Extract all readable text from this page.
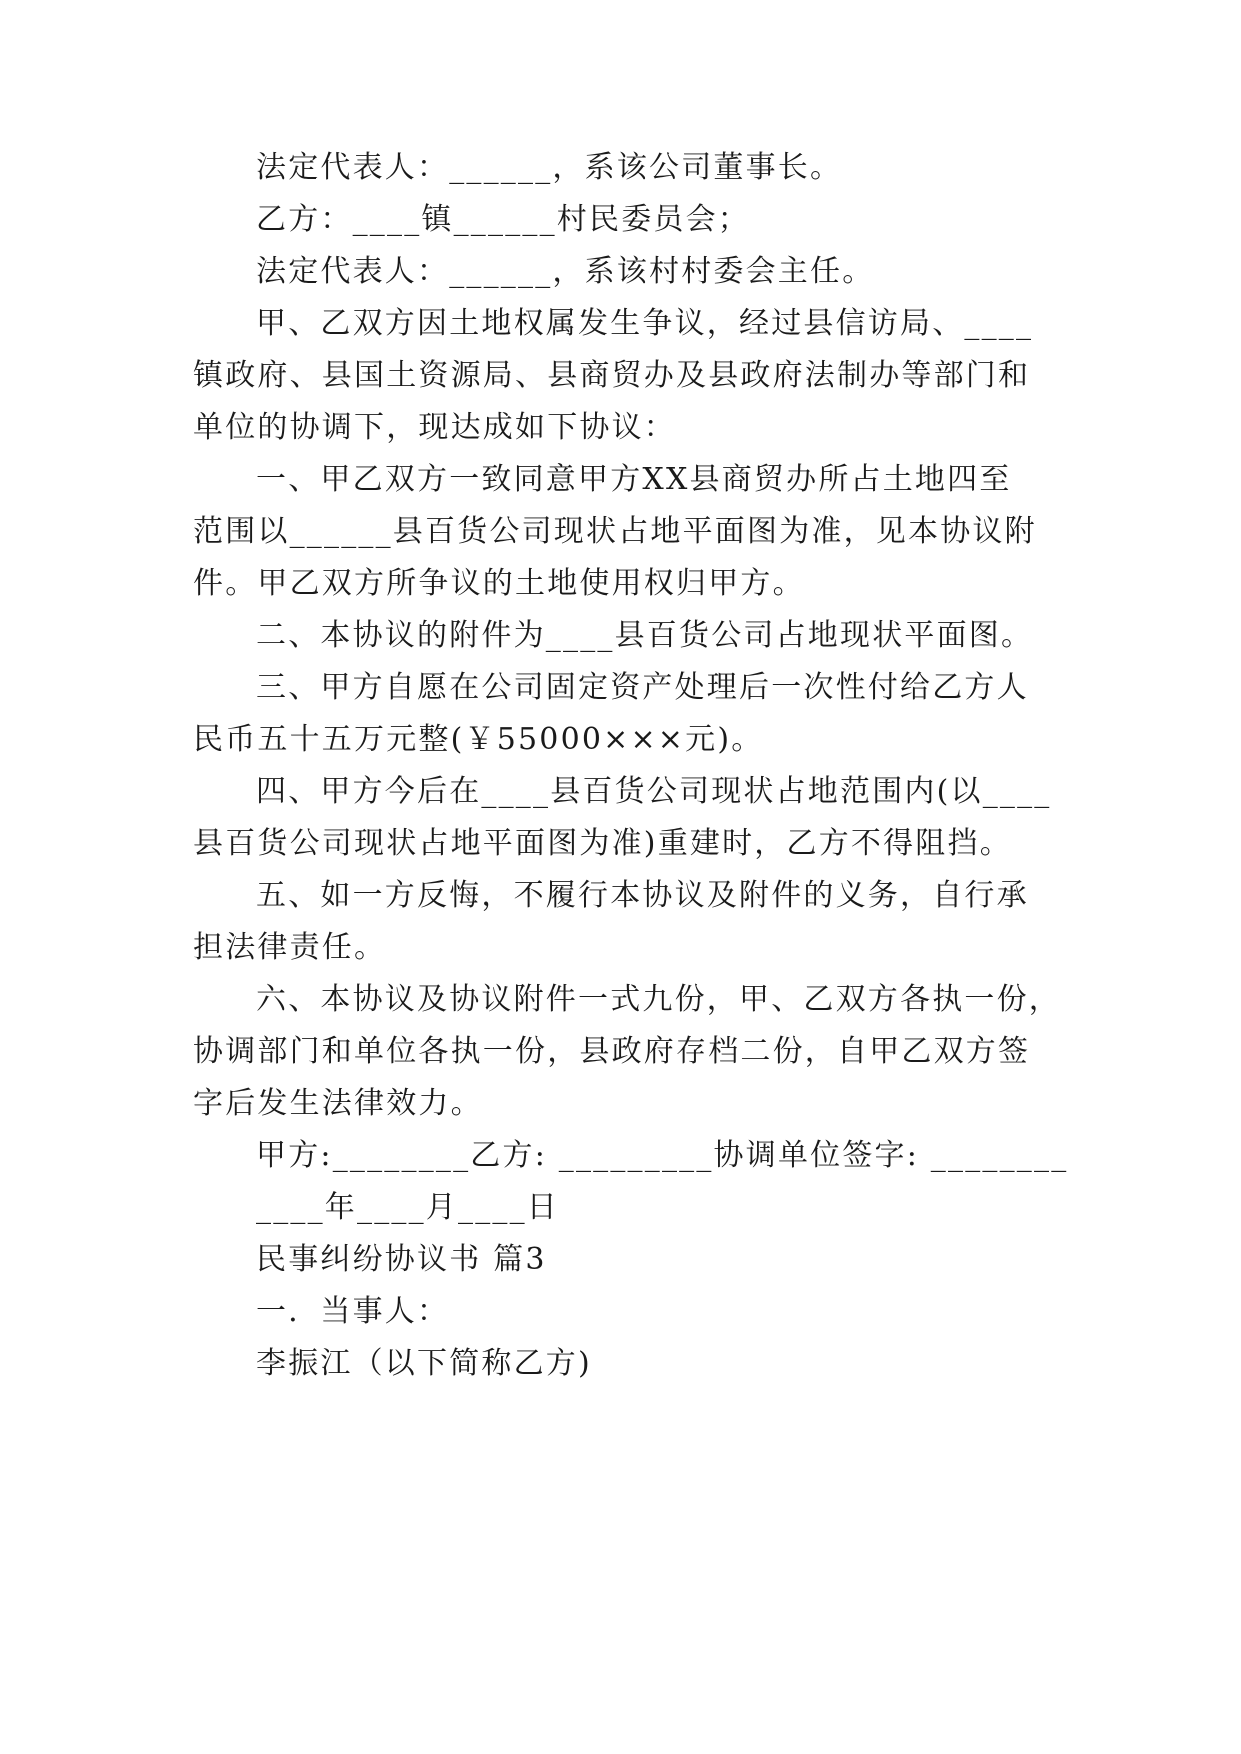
法定代表人：______，系该公司董事长。
乙方：____镇______村民委员会；
法定代表人：______，系该村村委会主任。
甲、乙双方因土地权属发生争议，经过县信访局、____
镇政府、县国土资源局、县商贸办及县政府法制办等部门和
单位的协调下，现达成如下协议：
一、甲乙双方一致同意甲方XX县商贸办所占土地四至
范围以______县百货公司现状占地平面图为准，见本协议附
件。甲乙双方所争议的土地使用权归甲方。
二、本协议的附件为____县百货公司占地现状平面图。
三、甲方自愿在公司固定资产处理后一次性付给乙方人
民币五十五万元整(￥55000×××元)。
四、甲方今后在____县百货公司现状占地范围内(以____
县百货公司现状占地平面图为准)重建时，乙方不得阻挡。
五、如一方反悔，不履行本协议及附件的义务，自行承
担法律责任。
六、本协议及协议附件一式九份，甲、乙双方各执一份，
协调部门和单位各执一份，县政府存档二份，自甲乙双方签
字后发生法律效力。
甲方:________乙方: _________协调单位签字: ________
____年____月____日
民事纠纷协议书 篇3
一．当事人：
李振江（以下简称乙方)
